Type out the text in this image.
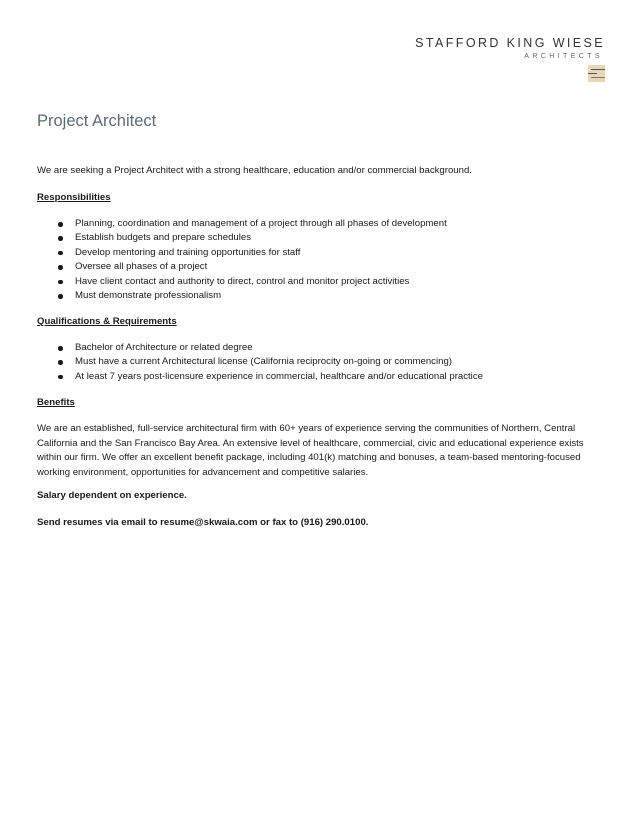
STAFFORD KING WIESE
ARCHITECTS
Project Architect

We are seeking a Project Architect with a strong healthcare, education and/or commercial background.

Responsibilities
Planning, coordination and management of a project through all phases of development
Establish budgets and prepare schedules
Develop mentoring and training opportunities for staff
Oversee all phases of a project
Have client contact and authority to direct, control and monitor project activities
Must demonstrate professionalism
Qualifications & Requirements
Bachelor of Architecture or related degree
Must have a current Architectural license (California reciprocity on-going or commencing)
At least 7 years post-licensure experience in commercial, healthcare and/or educational practice
Benefits

We are an established, full-service architectural firm with 60+ years of experience serving the communities of Northern, Central California and the San Francisco Bay Area. An extensive level of healthcare, commercial, civic and educational experience exists within our firm. We offer an excellent benefit package, including 401(k) matching and bonuses, a team-based mentoring-focused working environment, opportunities for advancement and competitive salaries.

Salary dependent on experience.

Send resumes via email to resume@skwaia.com or fax to (916) 290.0100.
